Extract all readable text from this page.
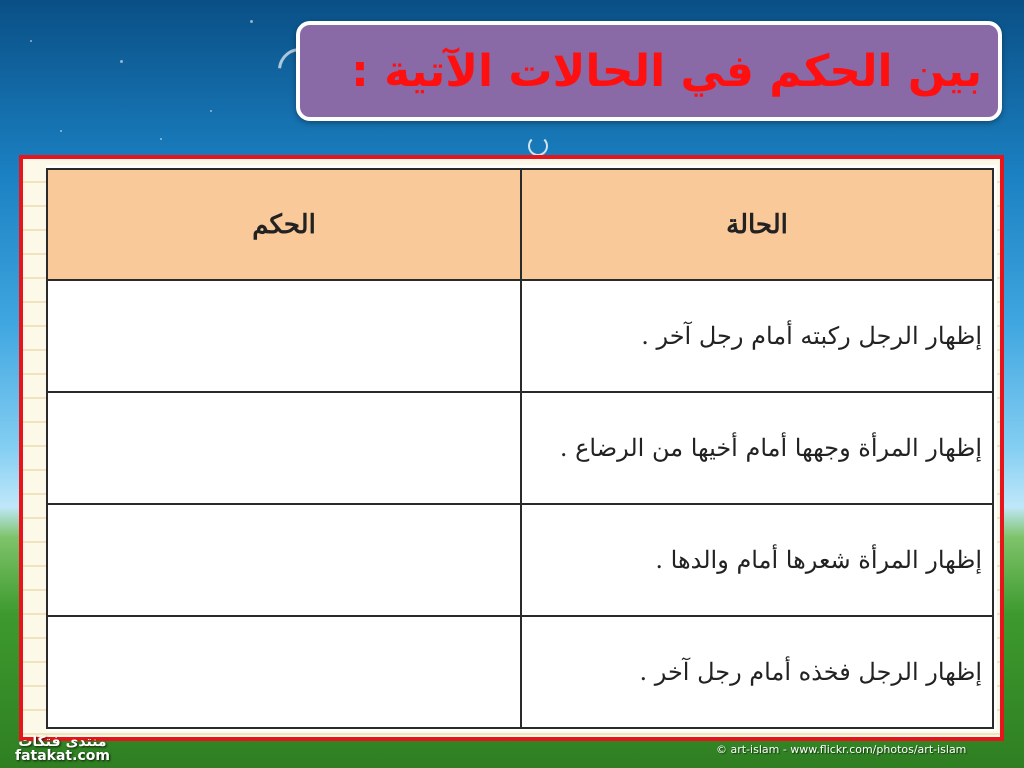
بين الحكم في الحالات الآتية :
الحالة	الحكم
إظهار الرجل ركبته أمام رجل آخر .	
إظهار المرأة وجهها أمام أخيها من الرضاع .	
إظهار المرأة شعرها أمام والدها .	
إظهار الرجل فخذه أمام رجل آخر .	
منتدى فتكات
fatakat.com	© art-islam - www.flickr.com/photos/art-islam
